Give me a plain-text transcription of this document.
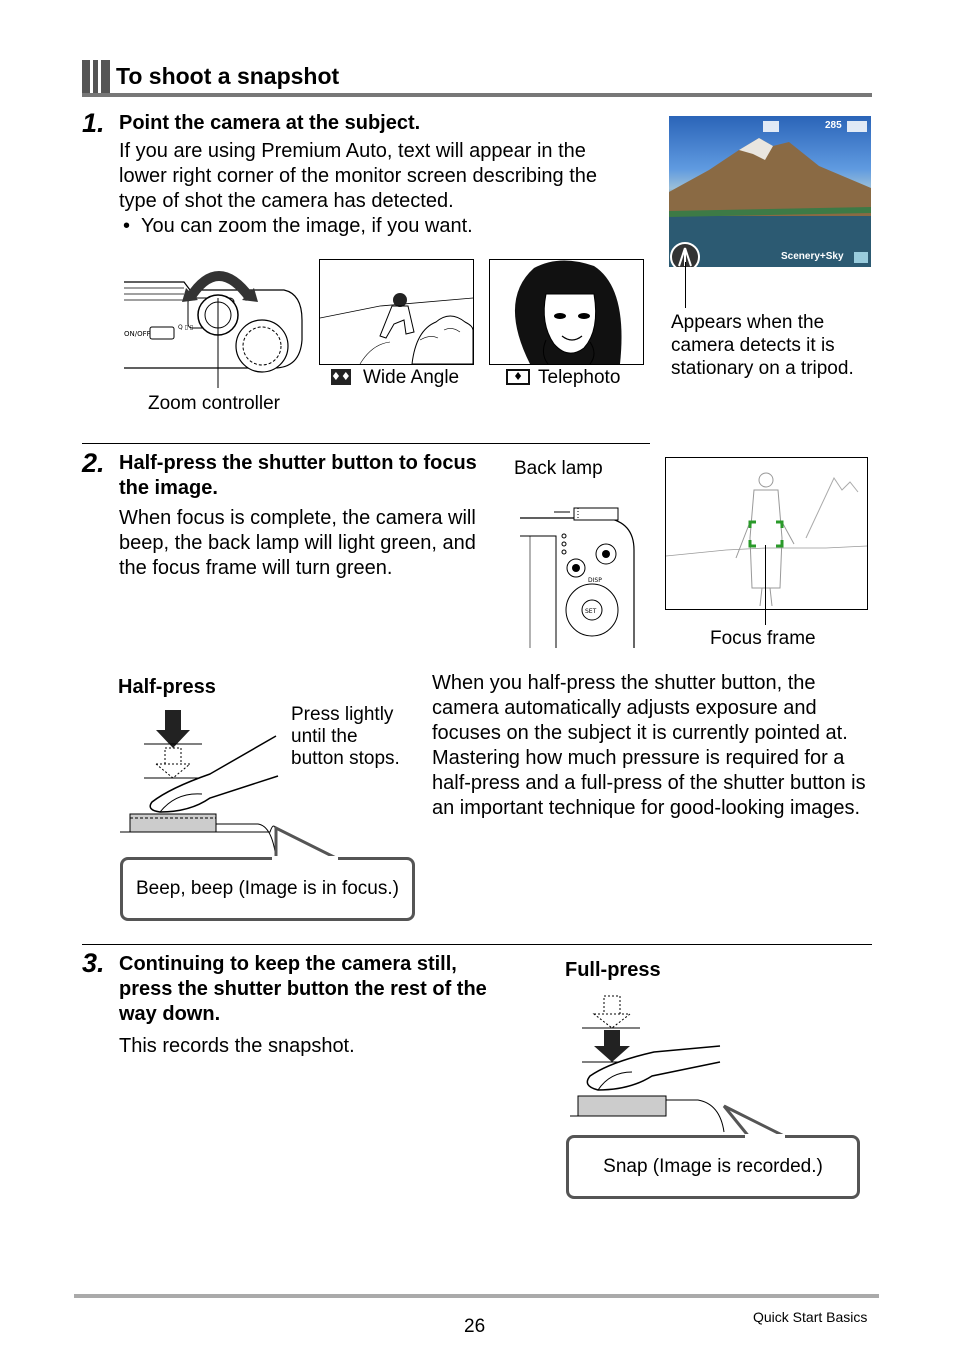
To shoot a snapshot
1. Point the camera at the subject.
If you are using Premium Auto, text will appear in the lower right corner of the monitor screen describing the type of shot the camera has detected.
• You can zoom the image, if you want.
ON/OFF
Q ▯ ▯
Zoom controller
♦♦♦ Wide Angle	♦ Telephoto
285
Scenery+Sky
Appears when the camera detects it is stationary on a tripod.
2. Half-press the shutter button to focus the image.
When focus is complete, the camera will beep, the back lamp will light green, and the focus frame will turn green.
Back lamp
DISP
SET
Focus frame
Half-press
Press lightly until the button stops.
Beep, beep (Image is in focus.)
When you half-press the shutter button, the camera automatically adjusts exposure and focuses on the subject it is currently pointed at. Mastering how much pressure is required for a half-press and a full-press of the shutter button is an important technique for good-looking images.
3. Continuing to keep the camera still, press the shutter button the rest of the way down.
This records the snapshot.
Full-press
Snap (Image is recorded.)
26	Quick Start Basics
